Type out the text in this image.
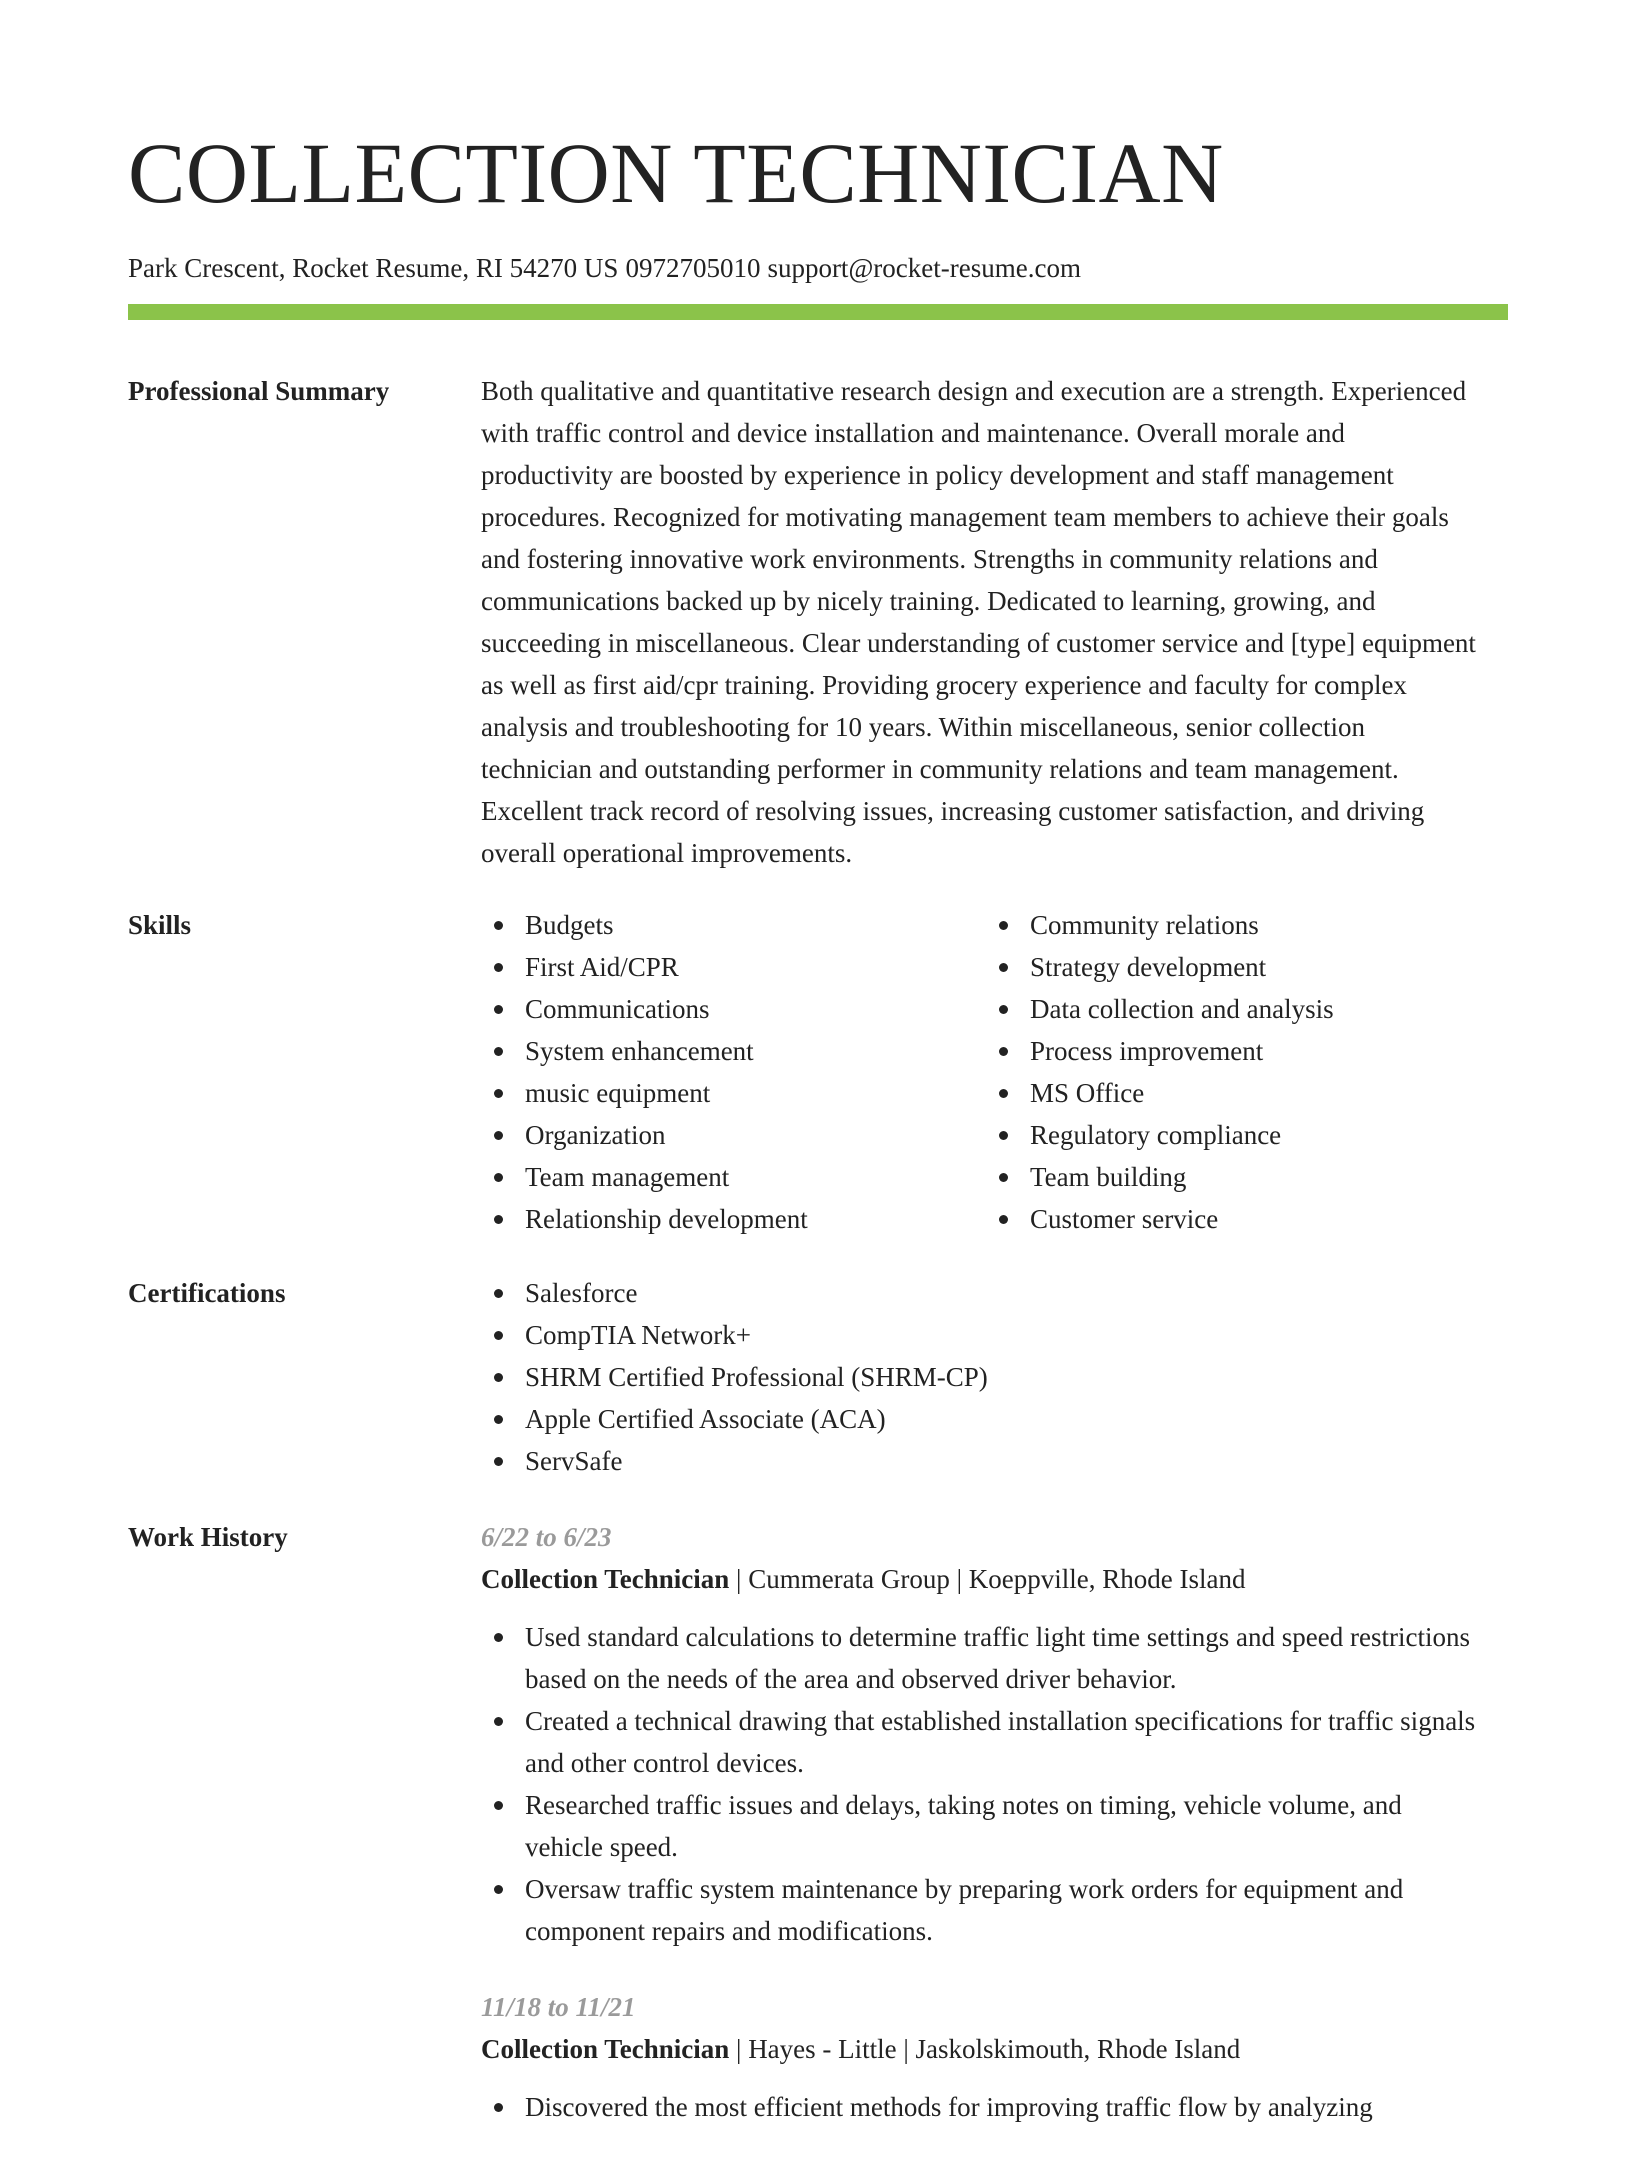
COLLECTION TECHNICIAN
Park Crescent, Rocket Resume, RI 54270 US 0972705010 support@rocket-resume.com
Professional Summary	Both qualitative and quantitative research design and execution are a strength. Experienced with traffic control and device installation and maintenance. Overall morale and productivity are boosted by experience in policy development and staff management procedures. Recognized for motivating management team members to achieve their goals and fostering innovative work environments. Strengths in community relations and communications backed up by nicely training. Dedicated to learning, growing, and succeeding in miscellaneous. Clear understanding of customer service and [type] equipment as well as first aid/cpr training. Providing grocery experience and faculty for complex analysis and troubleshooting for 10 years. Within miscellaneous, senior collection technician and outstanding performer in community relations and team management. Excellent track record of resolving issues, increasing customer satisfaction, and driving overall operational improvements.

Skills	Budgets
First Aid/CPR
Communications
System enhancement
music equipment
Organization
Team management
Relationship development
Community relations
Strategy development
Data collection and analysis
Process improvement
MS Office
Regulatory compliance
Team building
Customer service
Certifications	Salesforce
CompTIA Network+
SHRM Certified Professional (SHRM-CP)
Apple Certified Associate (ACA)
ServSafe
Work History	6/22 to 6/23
Collection Technician | Cummerata Group | Koeppville, Rhode Island
Used standard calculations to determine traffic light time settings and speed restrictions based on the needs of the area and observed driver behavior.
Created a technical drawing that established installation specifications for traffic signals and other control devices.
Researched traffic issues and delays, taking notes on timing, vehicle volume, and vehicle speed.
Oversaw traffic system maintenance by preparing work orders for equipment and component repairs and modifications.
11/18 to 11/21
Collection Technician | Hayes - Little | Jaskolskimouth, Rhode Island
Discovered the most efficient methods for improving traffic flow by analyzing
